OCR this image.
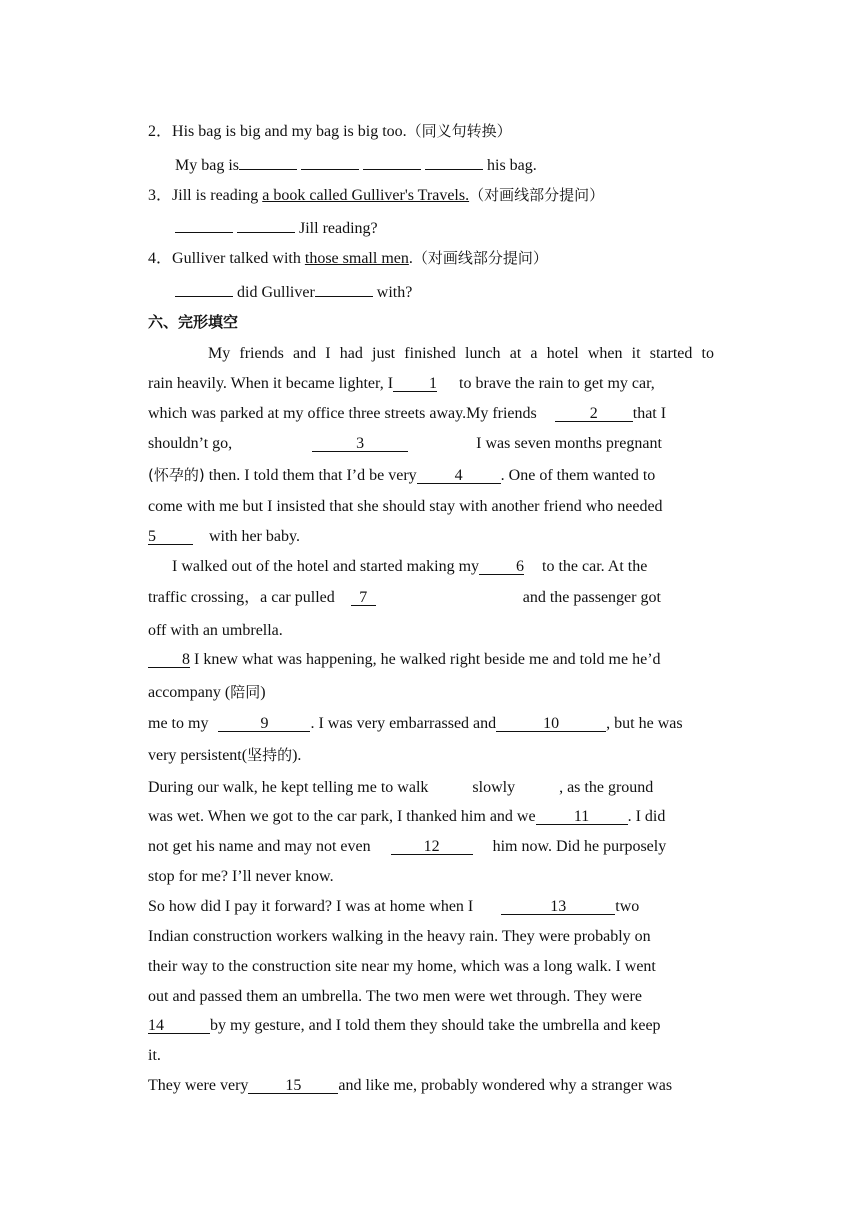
2．His bag is big and my bag is big too.（同义句转换）
My bag is	his bag.
3．Jill is reading a book called Gulliver's Travels.（对画线部分提问）
Jill reading?
4．Gulliver talked with those small men.（对画线部分提问）
did Gulliver	with?
六、完形填空
My friends and I had just finished lunch at a hotel when it started to
rain heavily. When it became lighter, I 1 to brave the rain to get my car,
which was parked at my office three streets away.My friends	2 that I
shouldn’t go,	3	I was seven months pregnant
(怀孕的) then. I told them that I’d be very 4 . One of them wanted to
come with me but I insisted that she should stay with another friend who needed
5	with her baby.
I walked out of the hotel and started making my 6 to the car. At the
traffic crossing，a car pulled 7	and the passenger got
off with an umbrella.
8 I knew what was happening, he walked right beside me and told me he’d
accompany (陪同)
me to my	9	. I was very embarrassed and	10	, but he was
very persistent(坚持的).
During our walk, he kept telling me to walk	slowly	, as the ground
was wet. When we got to the car park, I thanked him and we 11 . I did
not get his name and may not even	12	him now. Did he purposely
stop for me? I’ll never know.
So how did I pay it forward? I was at home when I	13	two
Indian construction workers walking in the heavy rain. They were probably on
their way to the construction site near my home, which was a long walk. I went
out and passed them an umbrella. The two men were wet through. They were
14	by my gesture, and I told them they should take the umbrella and keep
it.
They were very 15 and like me, probably wondered why a stranger was
